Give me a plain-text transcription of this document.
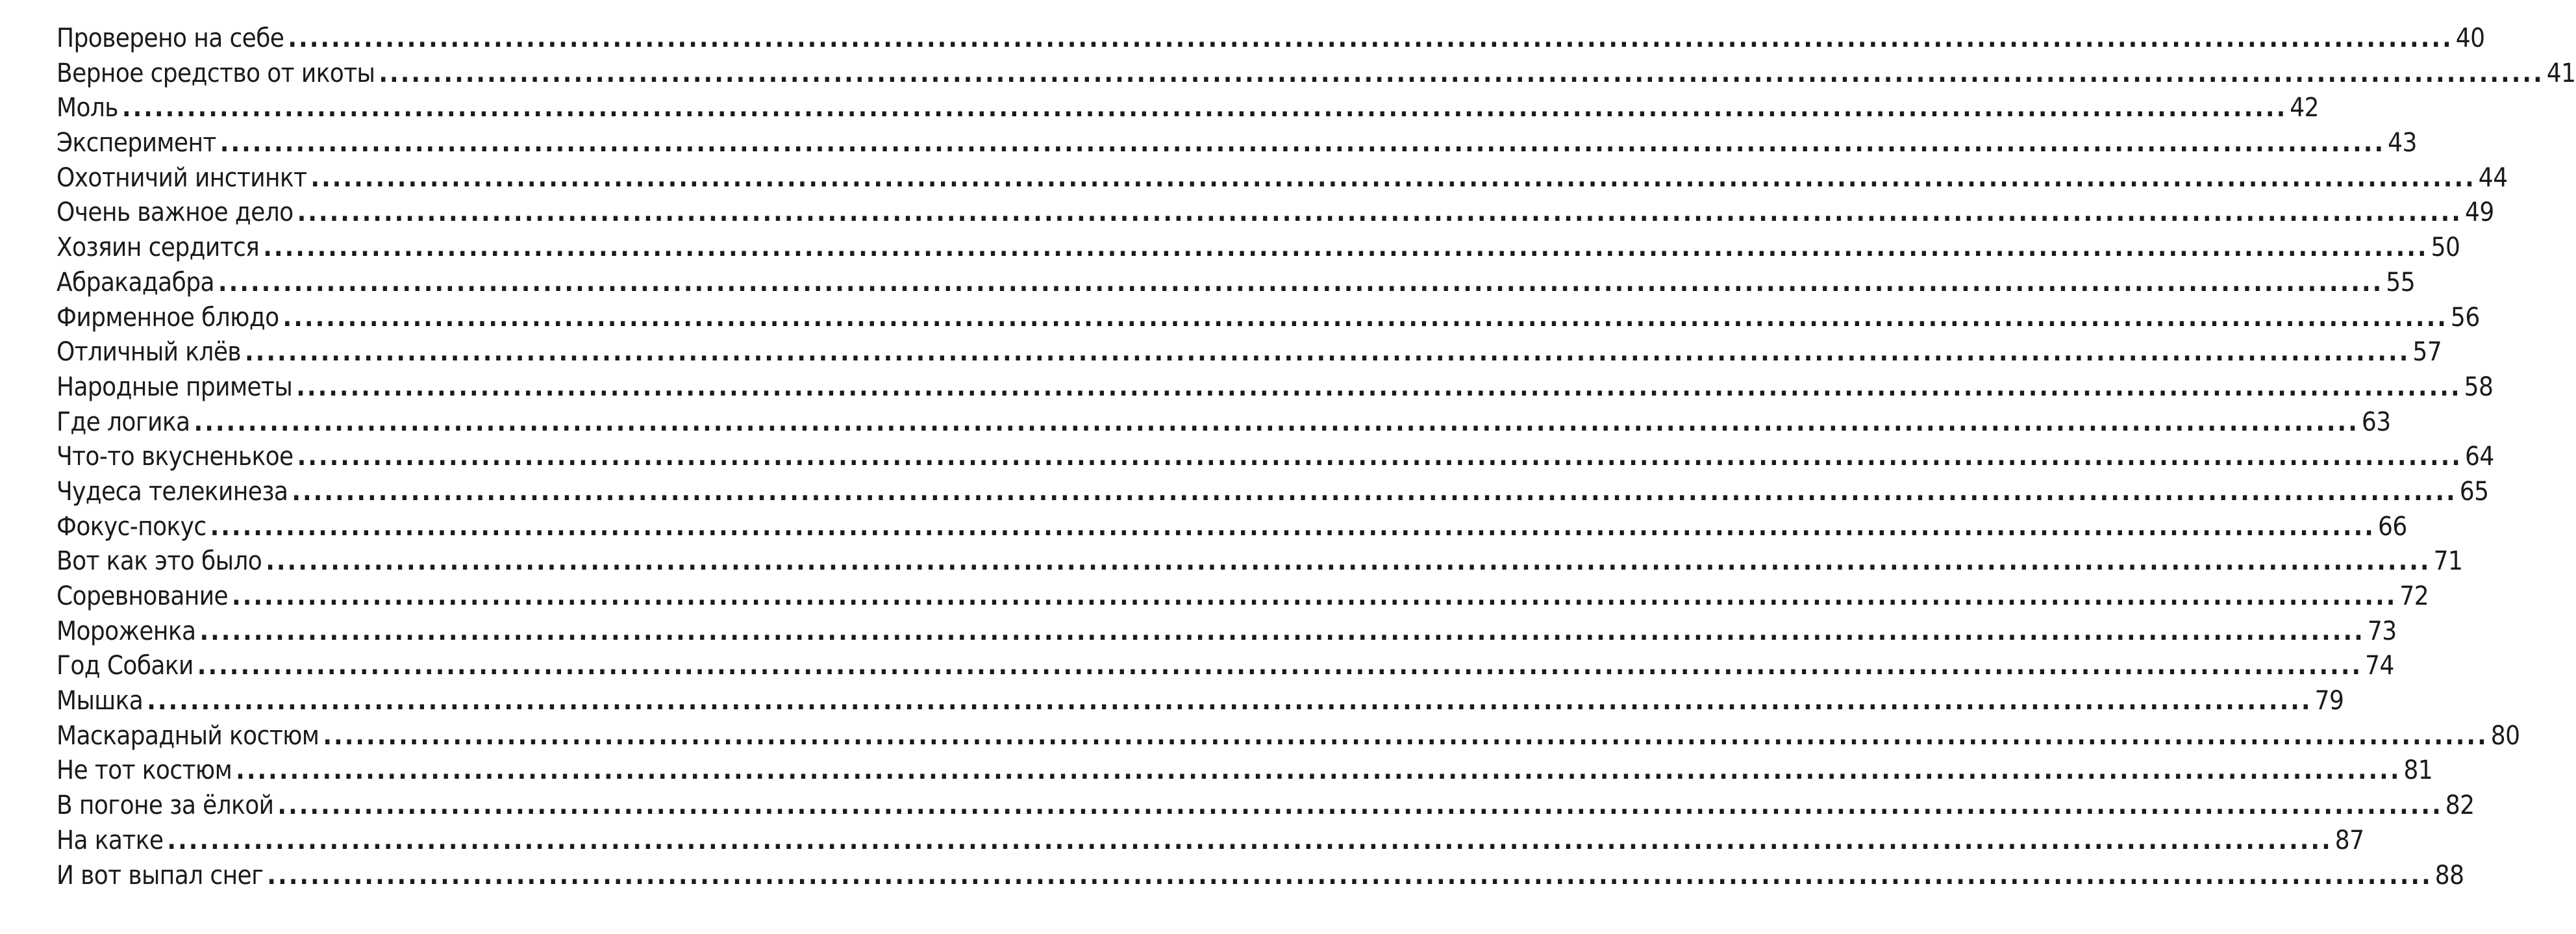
Проверено на себе ........................................................................................................................................................................................................ 40
Верное средство от икоты ........................................................................................................................................................................................................ 41
Моль ........................................................................................................................................................................................................ 42
Эксперимент ........................................................................................................................................................................................................ 43
Охотничий инстинкт ........................................................................................................................................................................................................ 44
Очень важное дело ........................................................................................................................................................................................................ 49
Хозяин сердится ........................................................................................................................................................................................................ 50
Абракадабра ........................................................................................................................................................................................................ 55
Фирменное блюдо ........................................................................................................................................................................................................ 56
Отличный клёв ........................................................................................................................................................................................................ 57
Народные приметы ........................................................................................................................................................................................................ 58
Где логика ........................................................................................................................................................................................................ 63
Что-то вкусненькое ........................................................................................................................................................................................................ 64
Чудеса телекинеза ........................................................................................................................................................................................................ 65
Фокус-покус ........................................................................................................................................................................................................ 66
Вот как это было ........................................................................................................................................................................................................ 71
Соревнование ........................................................................................................................................................................................................ 72
Мороженка ........................................................................................................................................................................................................ 73
Год Собаки ........................................................................................................................................................................................................ 74
Мышка ........................................................................................................................................................................................................ 79
Маскарадный костюм ........................................................................................................................................................................................................ 80
Не тот костюм ........................................................................................................................................................................................................ 81
В погоне за ёлкой ........................................................................................................................................................................................................ 82
На катке ........................................................................................................................................................................................................ 87
И вот выпал снег ........................................................................................................................................................................................................ 88
